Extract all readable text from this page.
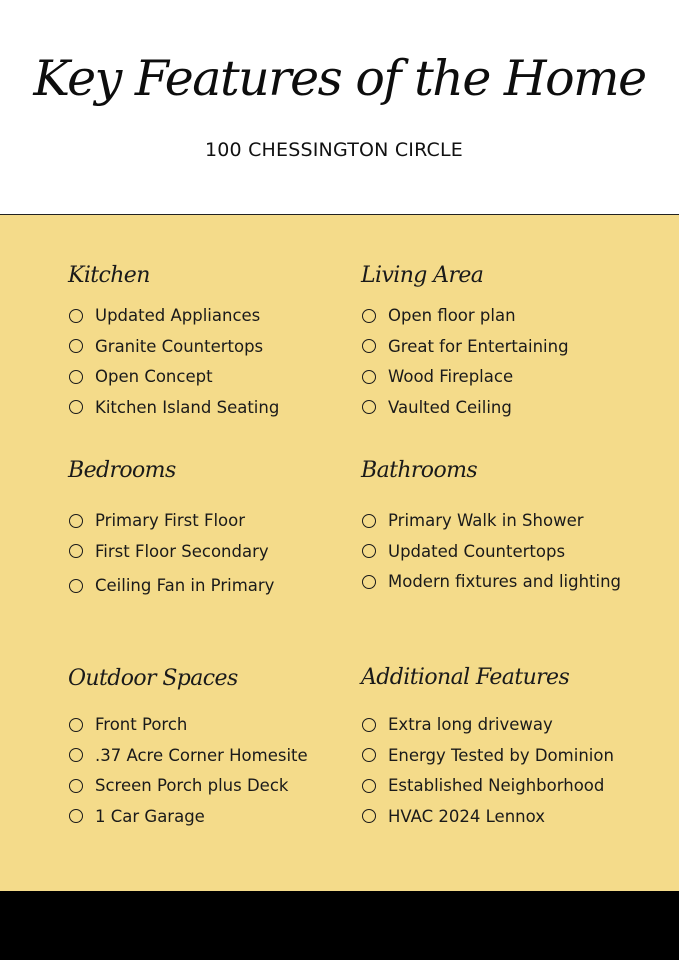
Key Features of the Home
100 CHESSINGTON CIRCLE
Kitchen
Updated Appliances
Granite Countertops
Open Concept
Kitchen Island Seating
Living Area
Open floor plan
Great for Entertaining
Wood Fireplace
Vaulted Ceiling
Bedrooms
Primary First Floor
First Floor Secondary
Ceiling Fan in Primary
Bathrooms
Primary Walk in Shower
Updated Countertops
Modern fixtures and lighting
Outdoor Spaces
Front Porch
.37 Acre Corner Homesite
Screen Porch plus Deck
1 Car Garage
Additional Features
Extra long driveway
Energy Tested by Dominion
Established Neighborhood
HVAC 2024 Lennox
